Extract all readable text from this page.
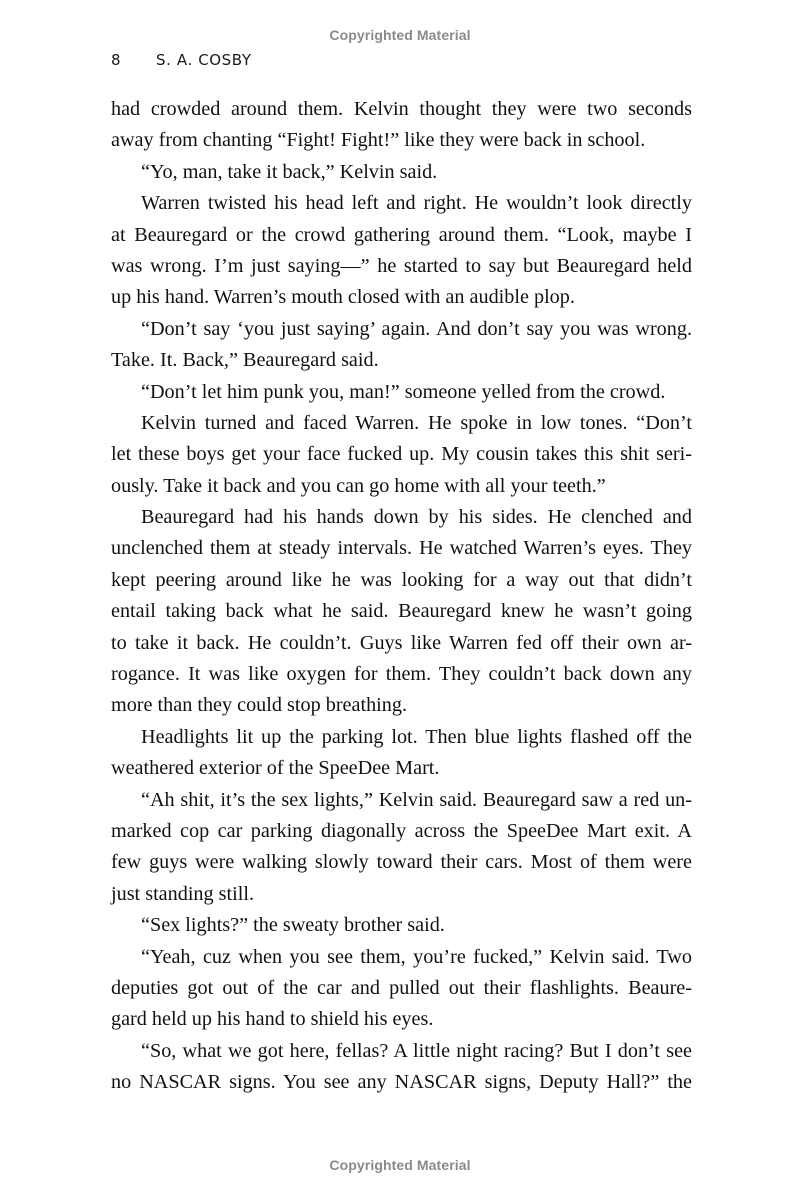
Copyrighted Material
8 S. A. COSBY
had crowded around them. Kelvin thought they were two seconds
away from chanting “Fight! Fight!” like they were back in school.
“Yo, man, take it back,” Kelvin said.
Warren twisted his head left and right. He wouldn’t look directly
at Beauregard or the crowd gathering around them. “Look, maybe I
was wrong. I’m just saying—” he started to say but Beauregard held
up his hand. Warren’s mouth closed with an audible plop.
“Don’t say ‘you just saying’ again. And don’t say you was wrong.
Take. It. Back,” Beauregard said.
“Don’t let him punk you, man!” someone yelled from the crowd.
Kelvin turned and faced Warren. He spoke in low tones. “Don’t
let these boys get your face fucked up. My cousin takes this shit seri-
ously. Take it back and you can go home with all your teeth.”
Beauregard had his hands down by his sides. He clenched and
unclenched them at steady intervals. He watched Warren’s eyes. They
kept peering around like he was looking for a way out that didn’t
entail taking back what he said. Beauregard knew he wasn’t going
to take it back. He couldn’t. Guys like Warren fed off their own ar-
rogance. It was like oxygen for them. They couldn’t back down any
more than they could stop breathing.
Headlights lit up the parking lot. Then blue lights flashed off the
weathered exterior of the SpeeDee Mart.
“Ah shit, it’s the sex lights,” Kelvin said. Beauregard saw a red un-
marked cop car parking diagonally across the SpeeDee Mart exit. A
few guys were walking slowly toward their cars. Most of them were
just standing still.
“Sex lights?” the sweaty brother said.
“Yeah, cuz when you see them, you’re fucked,” Kelvin said. Two
deputies got out of the car and pulled out their flashlights. Beaure-
gard held up his hand to shield his eyes.
“So, what we got here, fellas? A little night racing? But I don’t see
no NASCAR signs. You see any NASCAR signs, Deputy Hall?” the
Copyrighted Material
